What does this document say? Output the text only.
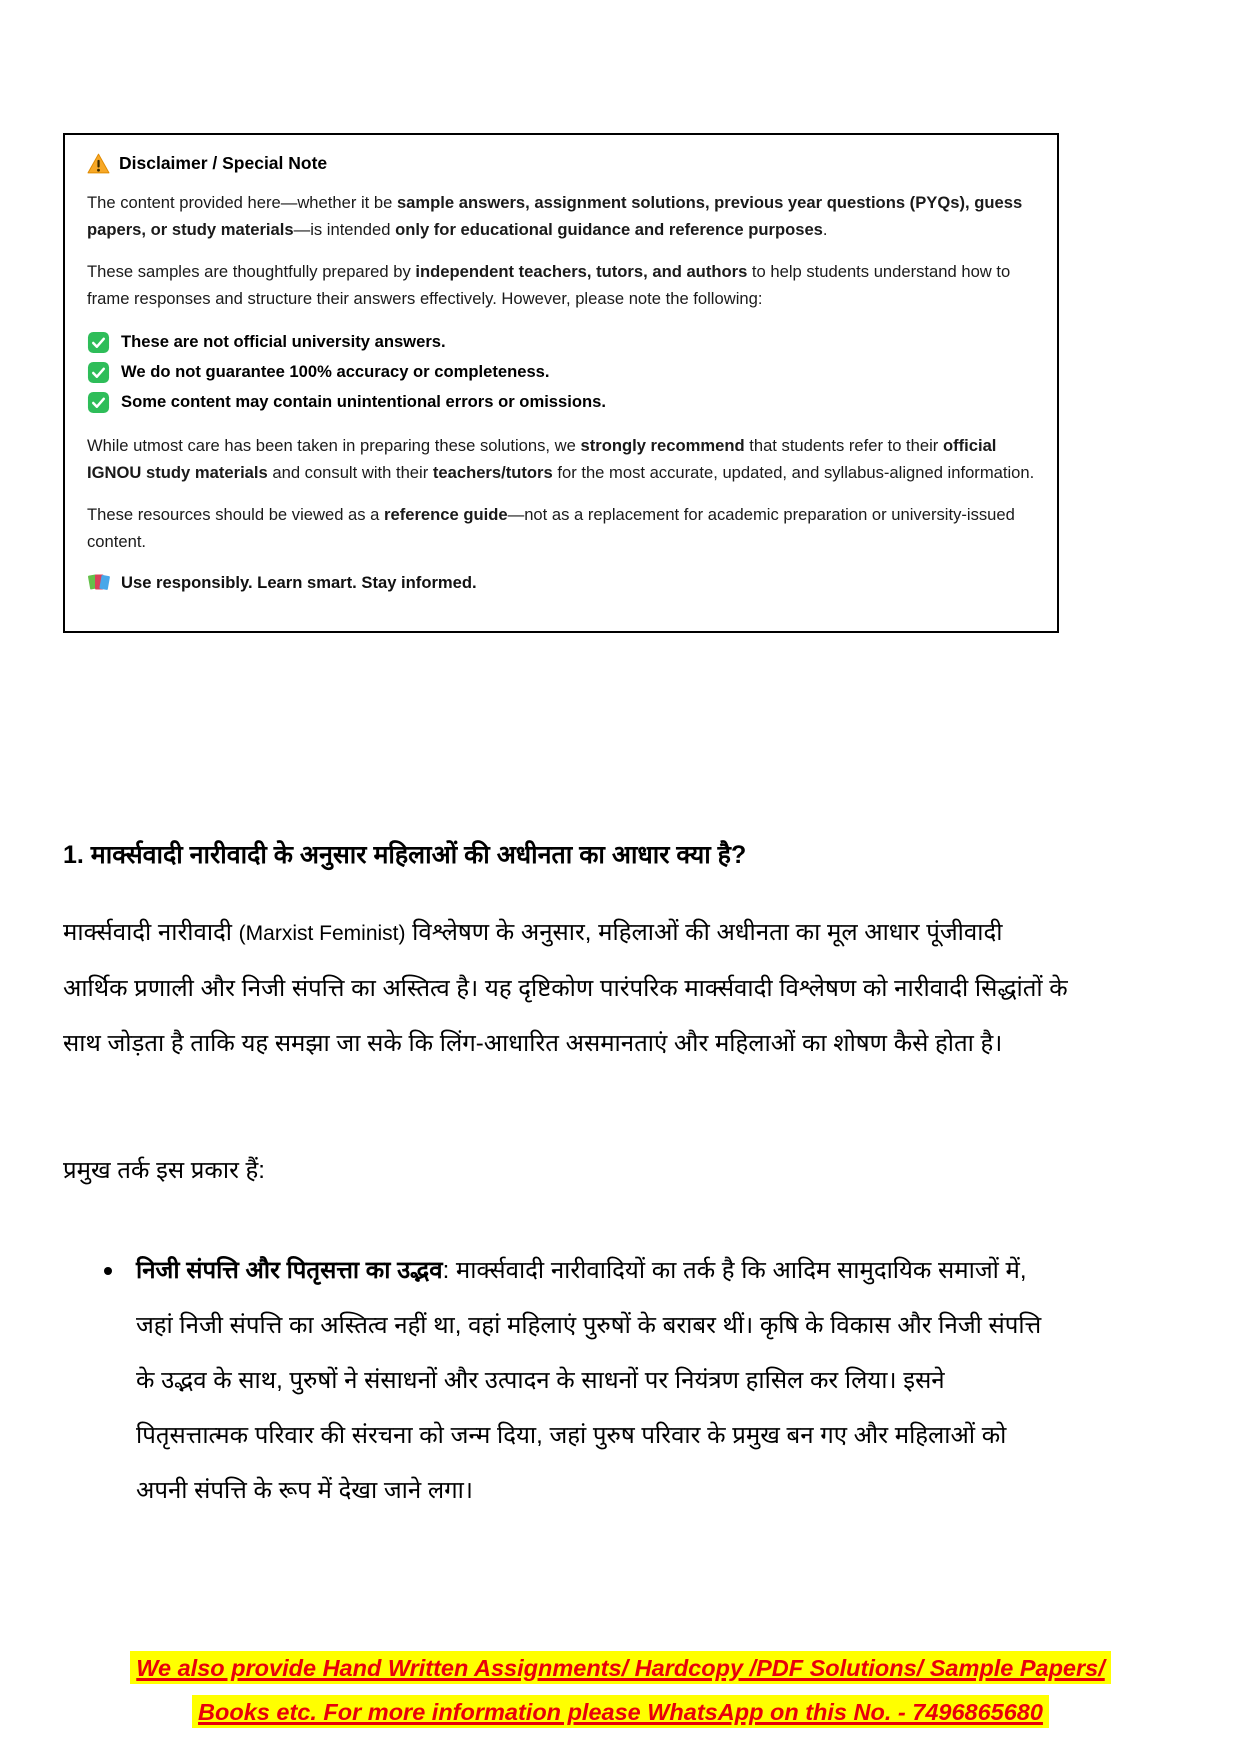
Disclaimer / Special Note

The content provided here—whether it be sample answers, assignment solutions, previous year questions (PYQs), guess papers, or study materials—is intended only for educational guidance and reference purposes.

These samples are thoughtfully prepared by independent teachers, tutors, and authors to help students understand how to frame responses and structure their answers effectively. However, please note the following:

These are not official university answers.
We do not guarantee 100% accuracy or completeness.
Some content may contain unintentional errors or omissions.

While utmost care has been taken in preparing these solutions, we strongly recommend that students refer to their official IGNOU study materials and consult with their teachers/tutors for the most accurate, updated, and syllabus-aligned information.

These resources should be viewed as a reference guide—not as a replacement for academic preparation or university-issued content.

Use responsibly. Learn smart. Stay informed.
1. मार्क्सवादी नारीवादी के अनुसार महिलाओं की अधीनता का आधार क्या है?

मार्क्सवादी नारीवादी (Marxist Feminist) विश्लेषण के अनुसार, महिलाओं की अधीनता का मूल आधार पूंजीवादी आर्थिक प्रणाली और निजी संपत्ति का अस्तित्व है। यह दृष्टिकोण पारंपरिक मार्क्सवादी विश्लेषण को नारीवादी सिद्धांतों के साथ जोड़ता है ताकि यह समझा जा सके कि लिंग-आधारित असमानताएं और महिलाओं का शोषण कैसे होता है।

प्रमुख तर्क इस प्रकार हैं:

निजी संपत्ति और पितृसत्ता का उद्भव: मार्क्सवादी नारीवादियों का तर्क है कि आदिम सामुदायिक समाजों में, जहां निजी संपत्ति का अस्तित्व नहीं था, वहां महिलाएं पुरुषों के बराबर थीं। कृषि के विकास और निजी संपत्ति के उद्भव के साथ, पुरुषों ने संसाधनों और उत्पादन के साधनों पर नियंत्रण हासिल कर लिया। इसने पितृसत्तात्मक परिवार की संरचना को जन्म दिया, जहां पुरुष परिवार के प्रमुख बन गए और महिलाओं को अपनी संपत्ति के रूप में देखा जाने लगा।
We also provide Hand Written Assignments/ Hardcopy /PDF Solutions/ Sample Papers/
Books etc. For more information please WhatsApp on this No. - 7496865680
